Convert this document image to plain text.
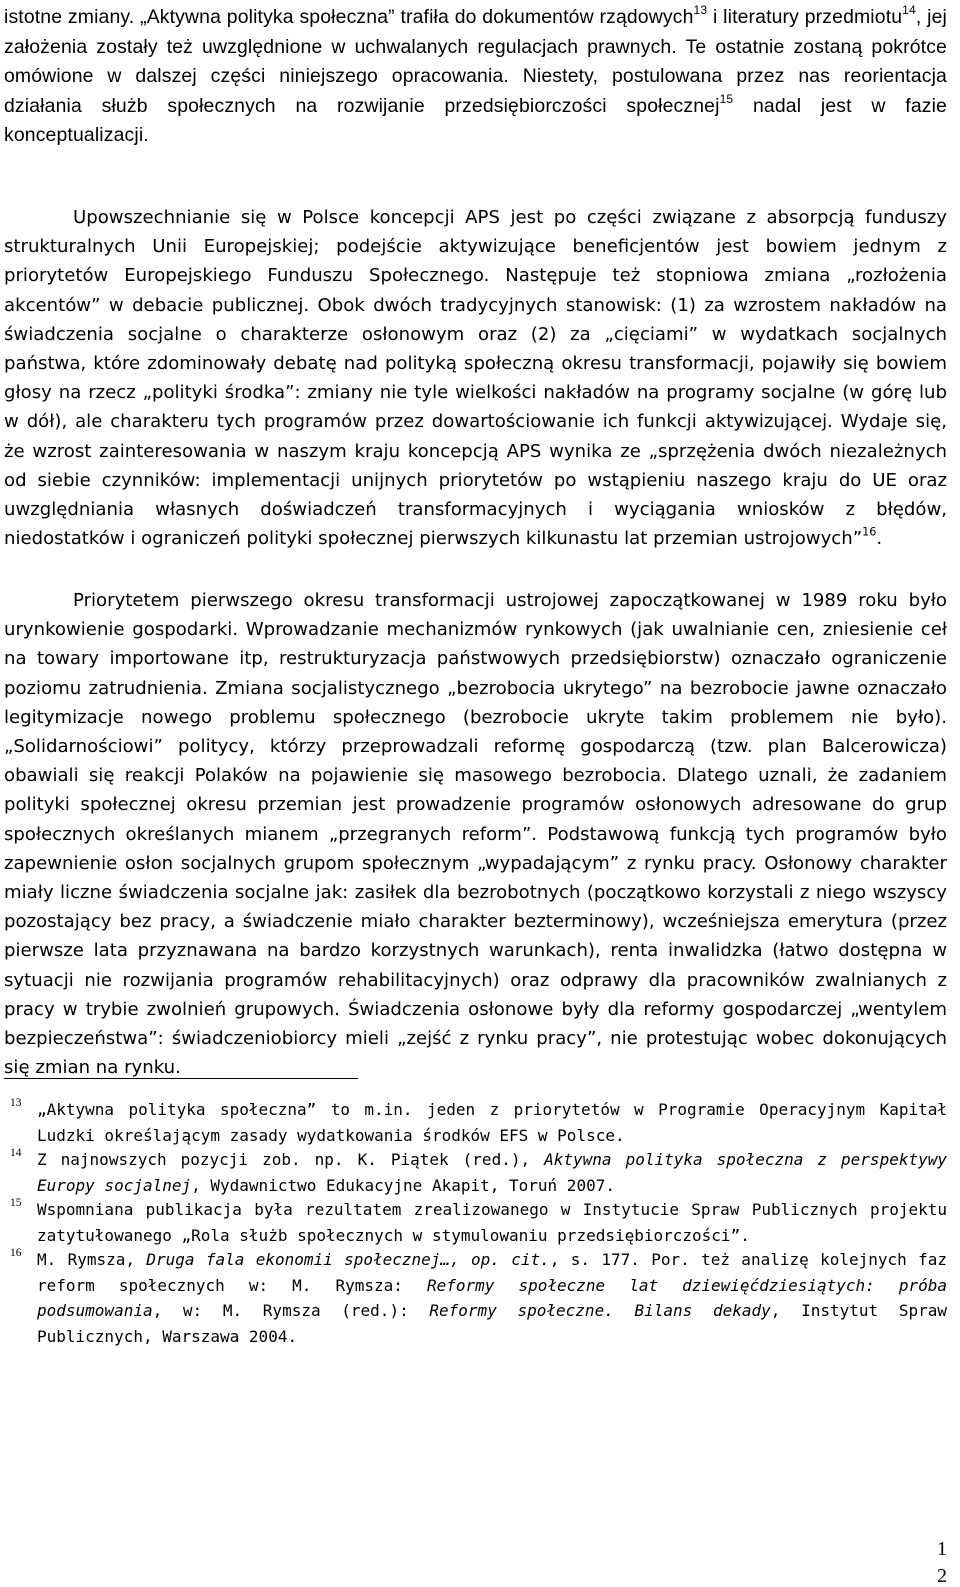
istotne zmiany. „Aktywna polityka społeczna” trafiła do dokumentów rządowych$^{13}$ i literatury przedmiotu$^{14}$, jej założenia zostały też uwzględnione w uchwalanych regulacjach prawnych. Te ostatnie zostaną pokrótce omówione w dalszej części niniejszego opracowania. Niestety, postulowana przez nas reorientacja działania służb społecznych na rozwijanie przedsiębiorczości społecznej$^{15}$ nadal jest w fazie konceptualizacji.

Upowszechnianie się w Polsce koncepcji APS jest po części związane z absorpcją funduszy strukturalnych Unii Europejskiej; podejście aktywizujące beneficjentów jest bowiem jednym z priorytetów Europejskiego Funduszu Społecznego. Następuje też stopniowa zmiana „rozłożenia akcentów” w debacie publicznej. Obok dwóch tradycyjnych stanowisk: (1) za wzrostem nakładów na świadczenia socjalne o charakterze osłonowym oraz (2) za „cięciami” w wydatkach socjalnych państwa, które zdominowały debatę nad polityką społeczną okresu transformacji, pojawiły się bowiem głosy na rzecz „polityki środka”: zmiany nie tyle wielkości nakładów na programy socjalne (w górę lub w dół), ale charakteru tych programów przez dowartościowanie ich funkcji aktywizującej. Wydaje się, że wzrost zainteresowania w naszym kraju koncepcją APS wynika ze „sprzężenia dwóch niezależnych od siebie czynników: implementacji unijnych priorytetów po wstąpieniu naszego kraju do UE oraz uwzględniania własnych doświadczeń transformacyjnych i wyciągania wniosków z błędów, niedostatków i ograniczeń polityki społecznej pierwszych kilkunastu lat przemian ustrojowych”$^{16}$.

Priorytetem pierwszego okresu transformacji ustrojowej zapoczątkowanej w 1989 roku było urynkowienie gospodarki. Wprowadzanie mechanizmów rynkowych (jak uwalnianie cen, zniesienie ceł na towary importowane itp, restrukturyzacja państwowych przedsiębiorstw) oznaczało ograniczenie poziomu zatrudnienia. Zmiana socjalistycznego „bezrobocia ukrytego” na bezrobocie jawne oznaczało legitymizacje nowego problemu społecznego (bezrobocie ukryte takim problemem nie było). „Solidarnościowi” politycy, którzy przeprowadzali reformę gospodarczą (tzw. plan Balcerowicza) obawiali się reakcji Polaków na pojawienie się masowego bezrobocia. Dlatego uznali, że zadaniem polityki społecznej okresu przemian jest prowadzenie programów osłonowych adresowane do grup społecznych określanych mianem „przegranych reform”. Podstawową funkcją tych programów było zapewnienie osłon socjalnych grupom społecznym „wypadającym” z rynku pracy. Osłonowy charakter miały liczne świadczenia socjalne jak: zasiłek dla bezrobotnych (początkowo korzystali z niego wszyscy pozostający bez pracy, a świadczenie miało charakter bezterminowy), wcześniejsza emerytura (przez pierwsze lata przyznawana na bardzo korzystnych warunkach), renta inwalidzka (łatwo dostępna w sytuacji nie rozwijania programów rehabilitacyjnych) oraz odprawy dla pracowników zwalnianych z pracy w trybie zwolnień grupowych. Świadczenia osłonowe były dla reformy gospodarczej „wentylem bezpieczeństwa”: świadczeniobiorcy mieli „zejść z rynku pracy”, nie protestując wobec dokonujących się zmian na rynku.

13 „Aktywna polityka społeczna” to m.in. jeden z priorytetów w Programie Operacyjnym Kapitał Ludzki określającym zasady wydatkowania środków EFS w Polsce.
14 Z najnowszych pozycji zob. np. K. Piątek (red.), Aktywna polityka społeczna z perspektywy Europy socjalnej, Wydawnictwo Edukacyjne Akapit, Toruń 2007.
15 Wspomniana publikacja była rezultatem zrealizowanego w Instytucie Spraw Publicznych projektu zatytułowanego „Rola służb społecznych w stymulowaniu przedsiębiorczości”.
16 M. Rymsza, Druga fala ekonomii społecznej…, op. cit., s. 177. Por. też analizę kolejnych faz reform społecznych w: M. Rymsza: Reformy społeczne lat dziewięćdziesiątych: próba podsumowania, w: M. Rymsza (red.): Reformy społeczne. Bilans dekady, Instytut Spraw Publicznych, Warszawa 2004.
1
2
